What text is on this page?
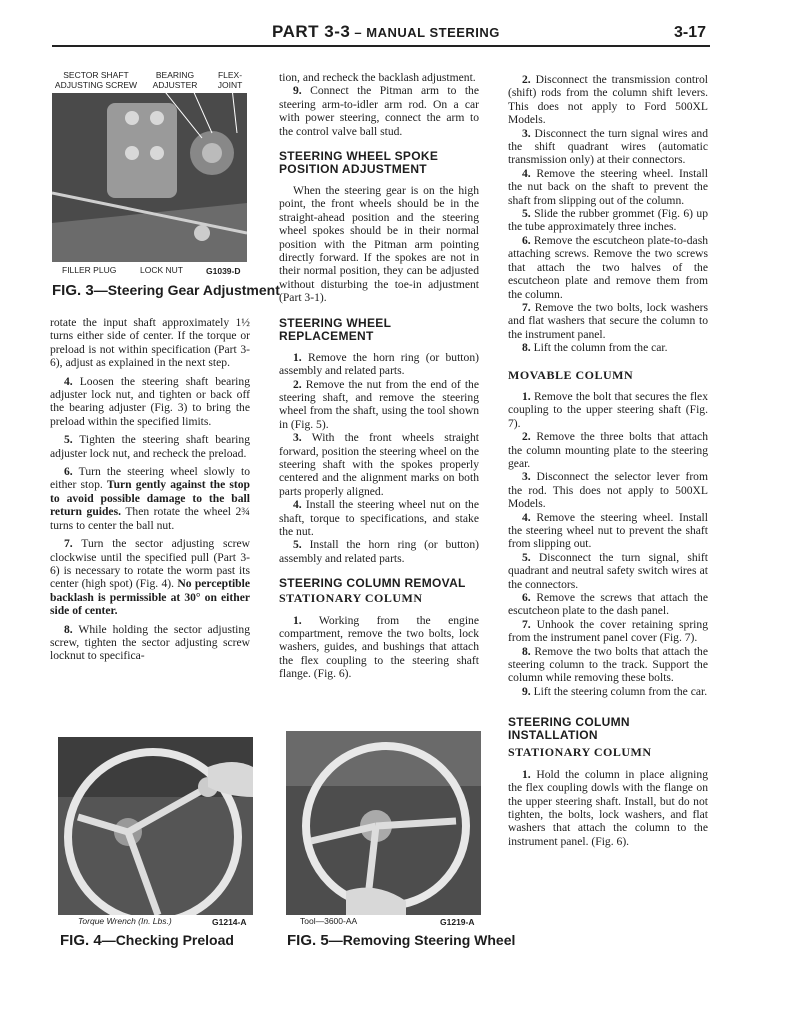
PART 3-3 – MANUAL STEERING	3-17
SECTOR SHAFT ADJUSTING SCREW
BEARING ADJUSTER
FLEX- JOINT
FILLER PLUG	LOCK NUT	G1039-D
FIG. 3—Steering Gear Adjustment

rotate the input shaft approximately 1½ turns either side of center. If the torque or preload is not within specification (Part 3-6), adjust as explained in the next step.

4. Loosen the steering shaft bearing adjuster lock nut, and tighten or back off the bearing adjuster (Fig. 3) to bring the preload within the specified limits.

5. Tighten the steering shaft bearing adjuster lock nut, and recheck the preload.

6. Turn the steering wheel slowly to either stop. Turn gently against the stop to avoid possible damage to the ball return guides. Then rotate the wheel 2¾ turns to center the ball nut.

7. Turn the sector adjusting screw clockwise until the specified pull (Part 3-6) is necessary to rotate the worm past its center (high spot) (Fig. 4). No perceptible backlash is permissible at 30° on either side of center.

8. While holding the sector adjusting screw, tighten the sector adjusting screw locknut to specifica-

Torque Wrench (In. Lbs.)	G1214-A
FIG. 4—Checking Preload

tion, and recheck the backlash adjustment.

9. Connect the Pitman arm to the steering arm-to-idler arm rod. On a car with power steering, connect the arm to the control valve ball stud.

STEERING WHEEL SPOKE POSITION ADJUSTMENT

When the steering gear is on the high point, the front wheels should be in the straight-ahead position and the steering wheel spokes should be in their normal position with the Pitman arm pointing directly forward. If the spokes are not in their normal position, they can be adjusted without disturbing the toe-in adjustment (Part 3-1).

STEERING WHEEL REPLACEMENT

1. Remove the horn ring (or button) assembly and related parts.

2. Remove the nut from the end of the steering shaft, and remove the steering wheel from the shaft, using the tool shown in (Fig. 5).

3. With the front wheels straight forward, position the steering wheel on the steering shaft with the spokes properly centered and the alignment marks on both parts properly aligned.

4. Install the steering wheel nut on the shaft, torque to specifications, and stake the nut.

5. Install the horn ring (or button) assembly and related parts.

STEERING COLUMN REMOVAL
STATIONARY COLUMN

1. Working from the engine compartment, remove the two bolts, lock washers, guides, and bushings that attach the flex coupling to the steering shaft flange. (Fig. 6).

Tool—3600-AA	G1219-A
FIG. 5—Removing Steering Wheel

2. Disconnect the transmission control (shift) rods from the column shift levers. This does not apply to Ford 500XL Models.

3. Disconnect the turn signal wires and the shift quadrant wires (automatic transmission only) at their connectors.

4. Remove the steering wheel. Install the nut back on the shaft to prevent the shaft from slipping out of the column.

5. Slide the rubber grommet (Fig. 6) up the tube approximately three inches.

6. Remove the escutcheon plate-to-dash attaching screws. Remove the two screws that attach the two halves of the escutcheon plate and remove them from the column.

7. Remove the two bolts, lock washers and flat washers that secure the column to the instrument panel.

8. Lift the column from the car.

MOVABLE COLUMN

1. Remove the bolt that secures the flex coupling to the upper steering shaft (Fig. 7).

2. Remove the three bolts that attach the column mounting plate to the steering gear.

3. Disconnect the selector lever from the rod. This does not apply to 500XL Models.

4. Remove the steering wheel. Install the steering wheel nut to prevent the shaft from slipping out.

5. Disconnect the turn signal, shift quadrant and neutral safety switch wires at the connectors.

6. Remove the screws that attach the escutcheon plate to the dash panel.

7. Unhook the cover retaining spring from the instrument panel cover (Fig. 7).

8. Remove the two bolts that attach the steering column to the track. Support the column while removing these bolts.

9. Lift the steering column from the car.

STEERING COLUMN INSTALLATION
STATIONARY COLUMN

1. Hold the column in place aligning the flex coupling dowls with the flange on the upper steering shaft. Install, but do not tighten, the bolts, lock washers, and flat washers that attach the column to the instrument panel. (Fig. 6).
